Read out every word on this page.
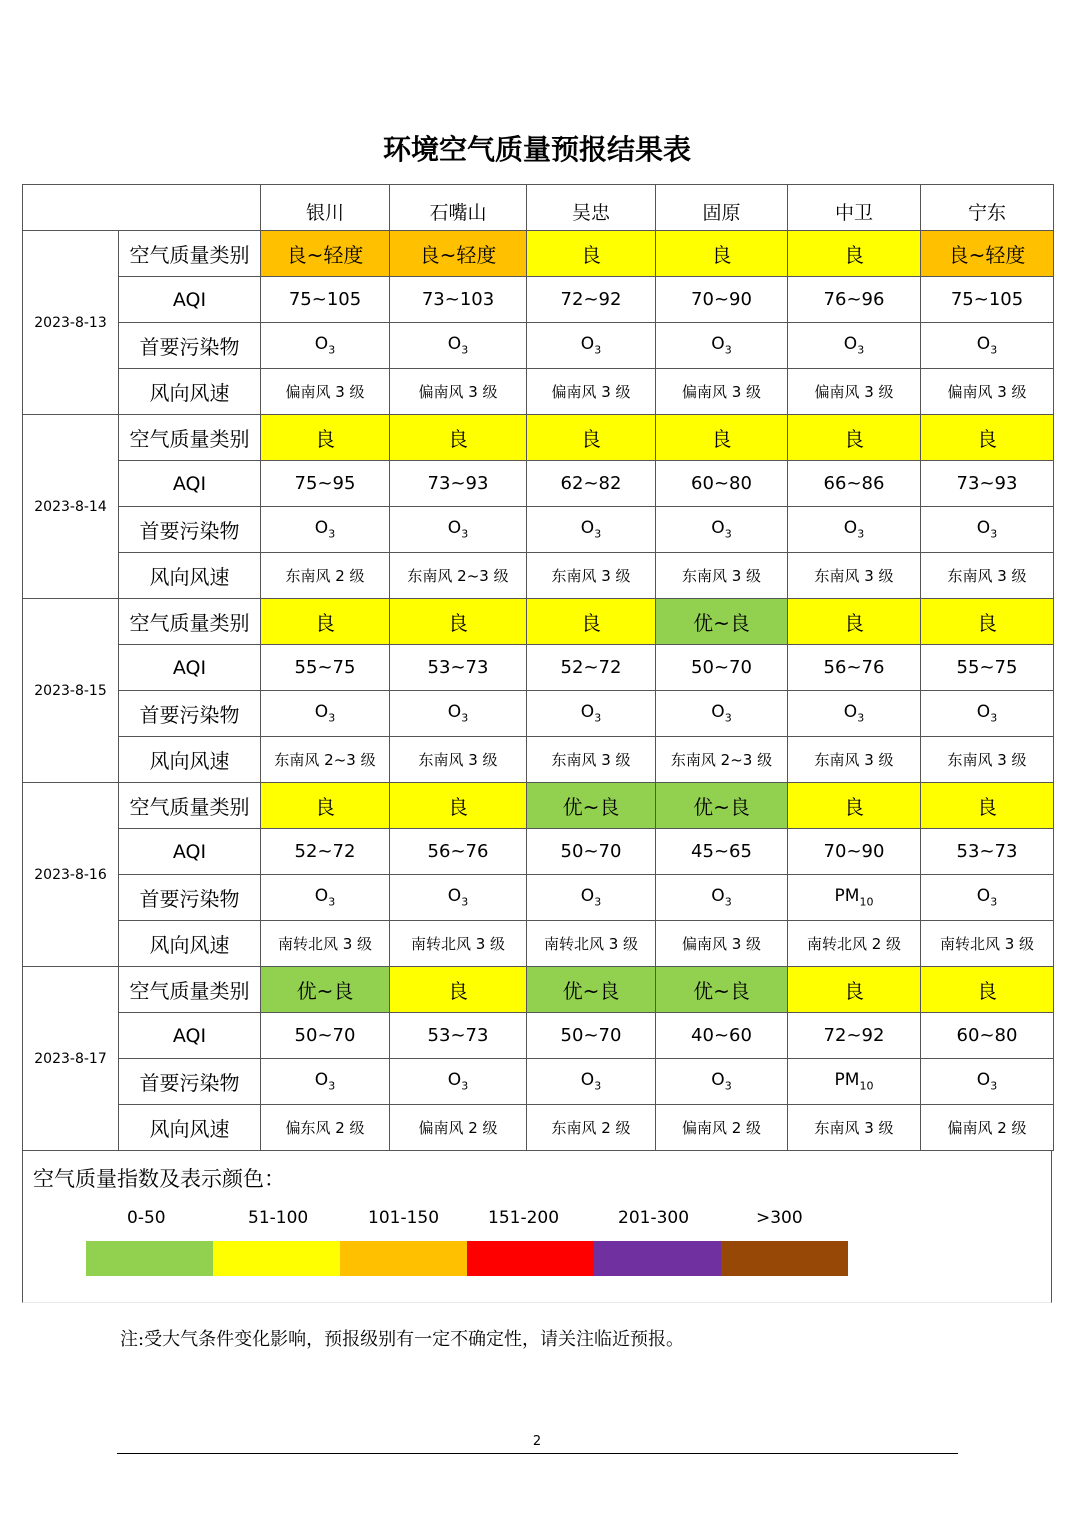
环境空气质量预报结果表
		银川	石嘴山	吴忠	固原	中卫	宁东
2023-8-13	空气质量类别	良~轻度	良~轻度	良	良	良	良~轻度
	AQI	75~105	73~103	72~92	70~90	76~96	75~105
	首要污染物	$O_3$	$O_3$	$O_3$	$O_3$	$O_3$	$O_3$
	风向风速	偏南风 3 级	偏南风 3 级	偏南风 3 级	偏南风 3 级	偏南风 3 级	偏南风 3 级
2023-8-14	空气质量类别	良	良	良	良	良	良
	AQI	75~95	73~93	62~82	60~80	66~86	73~93
	首要污染物	$O_3$	$O_3$	$O_3$	$O_3$	$O_3$	$O_3$
	风向风速	东南风 2 级	东南风 2~3 级	东南风 3 级	东南风 3 级	东南风 3 级	东南风 3 级
2023-8-15	空气质量类别	良	良	良	优~良	良	良
	AQI	55~75	53~73	52~72	50~70	56~76	55~75
	首要污染物	$O_3$	$O_3$	$O_3$	$O_3$	$O_3$	$O_3$
	风向风速	东南风 2~3 级	东南风 3 级	东南风 3 级	东南风 2~3 级	东南风 3 级	东南风 3 级
2023-8-16	空气质量类别	良	良	优~良	优~良	良	良
	AQI	52~72	56~76	50~70	45~65	70~90	53~73
	首要污染物	$O_3$	$O_3$	$O_3$	$O_3$	$PM_{10}$	$O_3$
	风向风速	南转北风 3 级	南转北风 3 级	南转北风 3 级	偏南风 3 级	南转北风 2 级	南转北风 3 级
2023-8-17	空气质量类别	优~良	良	优~良	优~良	良	良
	AQI	50~70	53~73	50~70	40~60	72~92	60~80
	首要污染物	$O_3$	$O_3$	$O_3$	$O_3$	$PM_{10}$	$O_3$
	风向风速	偏东风 2 级	偏南风 2 级	东南风 2 级	偏南风 2 级	东南风 3 级	偏南风 2 级
空气质量指数及表示颜色：
0-50	51-100	101-150	151-200	201-300	>300
注:受大气条件变化影响，预报级别有一定不确定性，请关注临近预报。
2
